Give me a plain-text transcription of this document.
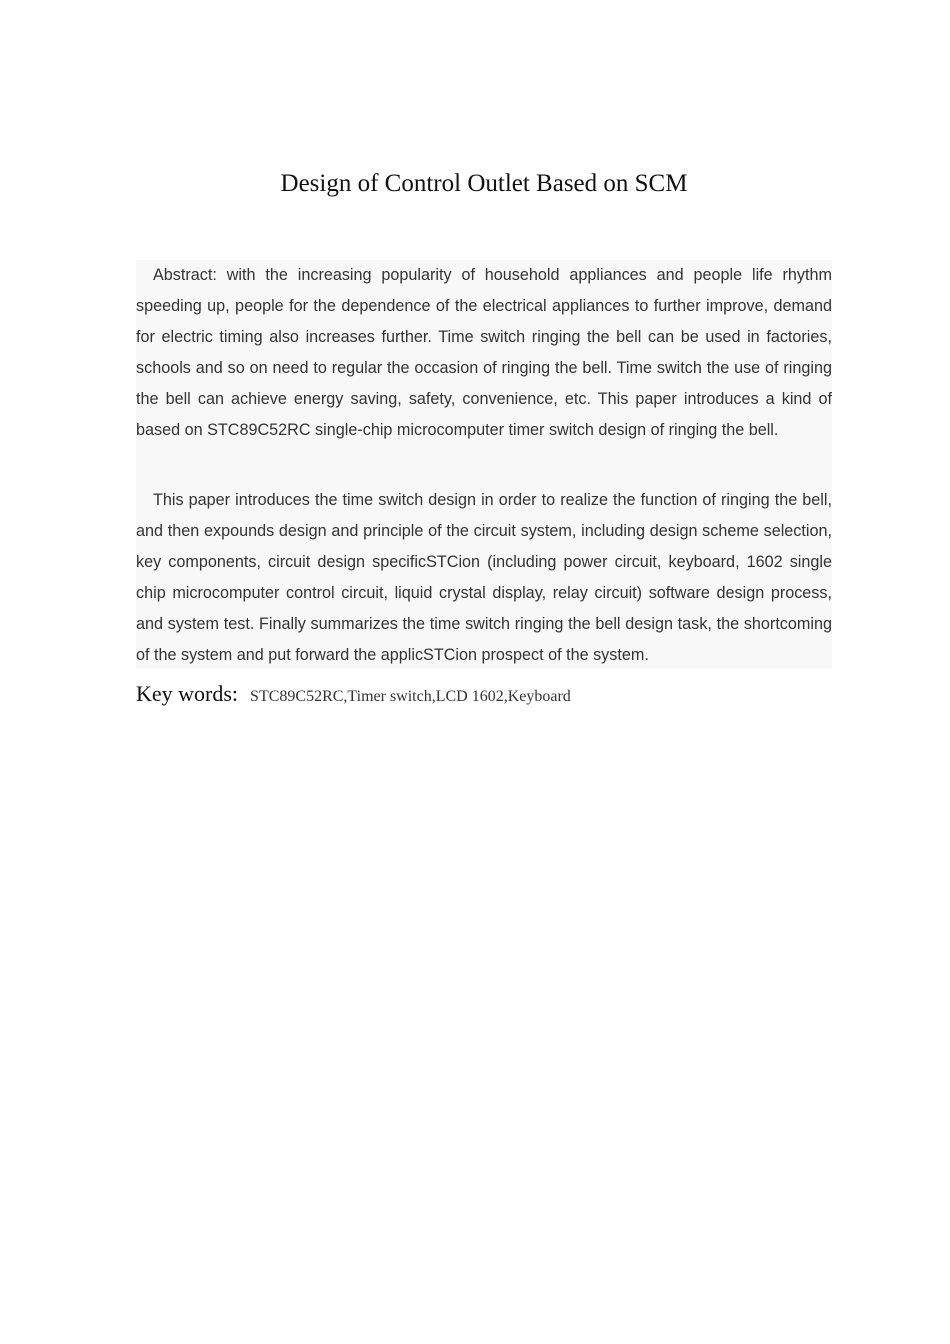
Design of Control Outlet Based on SCM

Abstract: with the increasing popularity of household appliances and people life rhythm speeding up, people for the dependence of the electrical appliances to further improve, demand for electric timing also increases further. Time switch ringing the bell can be used in factories, schools and so on need to regular the occasion of ringing the bell. Time switch the use of ringing the bell can achieve energy saving, safety, convenience, etc. This paper introduces a kind of based on STC89C52RC single-chip microcomputer timer switch design of ringing the bell.

This paper introduces the time switch design in order to realize the function of ringing the bell, and then expounds design and principle of the circuit system, including design scheme selection, key components, circuit design specificSTCion (including power circuit, keyboard, 1602 single chip microcomputer control circuit, liquid crystal display, relay circuit) software design process, and system test. Finally summarizes the time switch ringing the bell design task, the shortcoming of the system and put forward the applicSTCion prospect of the system.

Key words: STC89C52RC,Timer switch,LCD 1602,Keyboard
